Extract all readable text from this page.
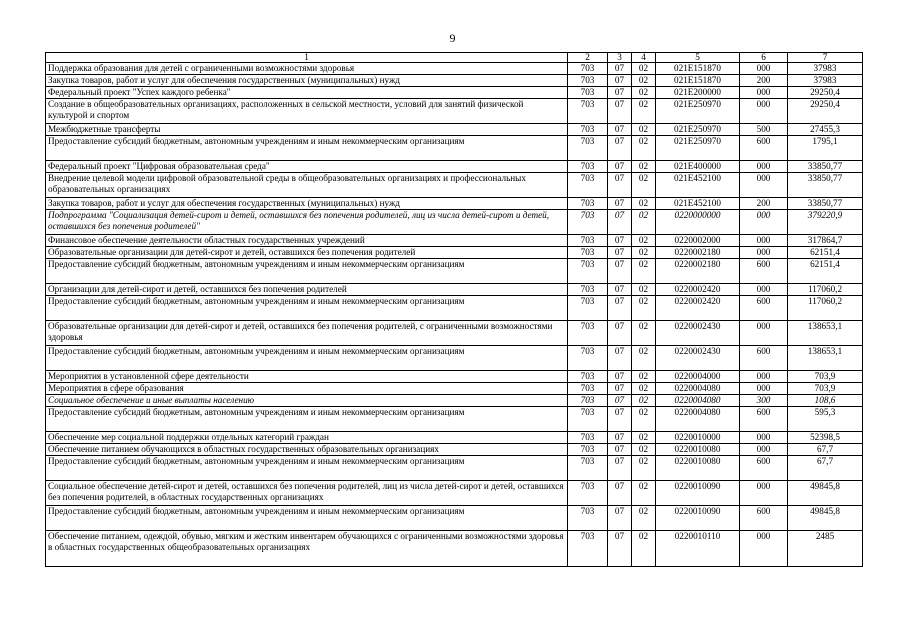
9
1	2	3	4	5	6	7
Поддержка образования для детей с ограниченными возможностями здоровья	703	07	02	021E151870	000	37983
Закупка товаров, работ и услуг для обеспечения государственных (муниципальных) нужд	703	07	02	021E151870	200	37983
Федеральный проект "Успех каждого ребенка"	703	07	02	021E200000	000	29250,4
Создание в общеобразовательных организациях, расположенных в сельской местности, условий для занятий физической культурой и спортом	703	07	02	021E250970	000	29250,4
Межбюджетные трансферты	703	07	02	021E250970	500	27455,3
Предоставление субсидий бюджетным, автономным учреждениям и иным некоммерческим организациям	703	07	02	021E250970	600	1795,1
Федеральный проект "Цифровая образовательная среда"	703	07	02	021E400000	000	33850,77
Внедрение целевой модели цифровой образовательной среды в общеобразовательных организациях и профессиональных образовательных организациях	703	07	02	021E452100	000	33850,77
Закупка товаров, работ и услуг для обеспечения государственных (муниципальных) нужд	703	07	02	021E452100	200	33850,77
Подпрограмма "Социализация детей-сирот и детей, оставшихся без попечения родителей, лиц из числа детей-сирот и детей, оставшихся без попечения родителей"	703	07	02	0220000000	000	379220,9
Финансовое обеспечение деятельности областных государственных учреждений	703	07	02	0220002000	000	317864,7
Образовательные организации для детей-сирот и детей, оставшихся без попечения родителей	703	07	02	0220002180	000	62151,4
Предоставление субсидий бюджетным, автономным учреждениям и иным некоммерческим организациям	703	07	02	0220002180	600	62151,4
Организации для детей-сирот и детей, оставшихся без попечения родителей	703	07	02	0220002420	000	117060,2
Предоставление субсидий бюджетным, автономным учреждениям и иным некоммерческим организациям	703	07	02	0220002420	600	117060,2
Образовательные организации для детей-сирот и детей, оставшихся без попечения родителей, с ограниченными возможностями здоровья	703	07	02	0220002430	000	138653,1
Предоставление субсидий бюджетным, автономным учреждениям и иным некоммерческим организациям	703	07	02	0220002430	600	138653,1
Мероприятия в установленной сфере деятельности	703	07	02	0220004000	000	703,9
Мероприятия в сфере образования	703	07	02	0220004080	000	703,9
Социальное обеспечение и иные выплаты населению	703	07	02	0220004080	300	108,6
Предоставление субсидий бюджетным, автономным учреждениям и иным некоммерческим организациям	703	07	02	0220004080	600	595,3
Обеспечение мер социальной поддержки отдельных категорий граждан	703	07	02	0220010000	000	52398,5
Обеспечение питанием обучающихся в областных государственных образовательных организациях	703	07	02	0220010080	000	67,7
Предоставление субсидий бюджетным, автономным учреждениям и иным некоммерческим организациям	703	07	02	0220010080	600	67,7
Социальное обеспечение детей-сирот и детей, оставшихся без попечения родителей, лиц из числа детей-сирот и детей, оставшихся без попечения родителей, в областных государственных организациях	703	07	02	0220010090	000	49845,8
Предоставление субсидий бюджетным, автономным учреждениям и иным некоммерческим организациям	703	07	02	0220010090	600	49845,8
Обеспечение питанием, одеждой, обувью, мягким и жестким инвентарем обучающихся с ограниченными возможностями здоровья в областных государственных общеобразовательных организациях	703	07	02	0220010110	000	2485
